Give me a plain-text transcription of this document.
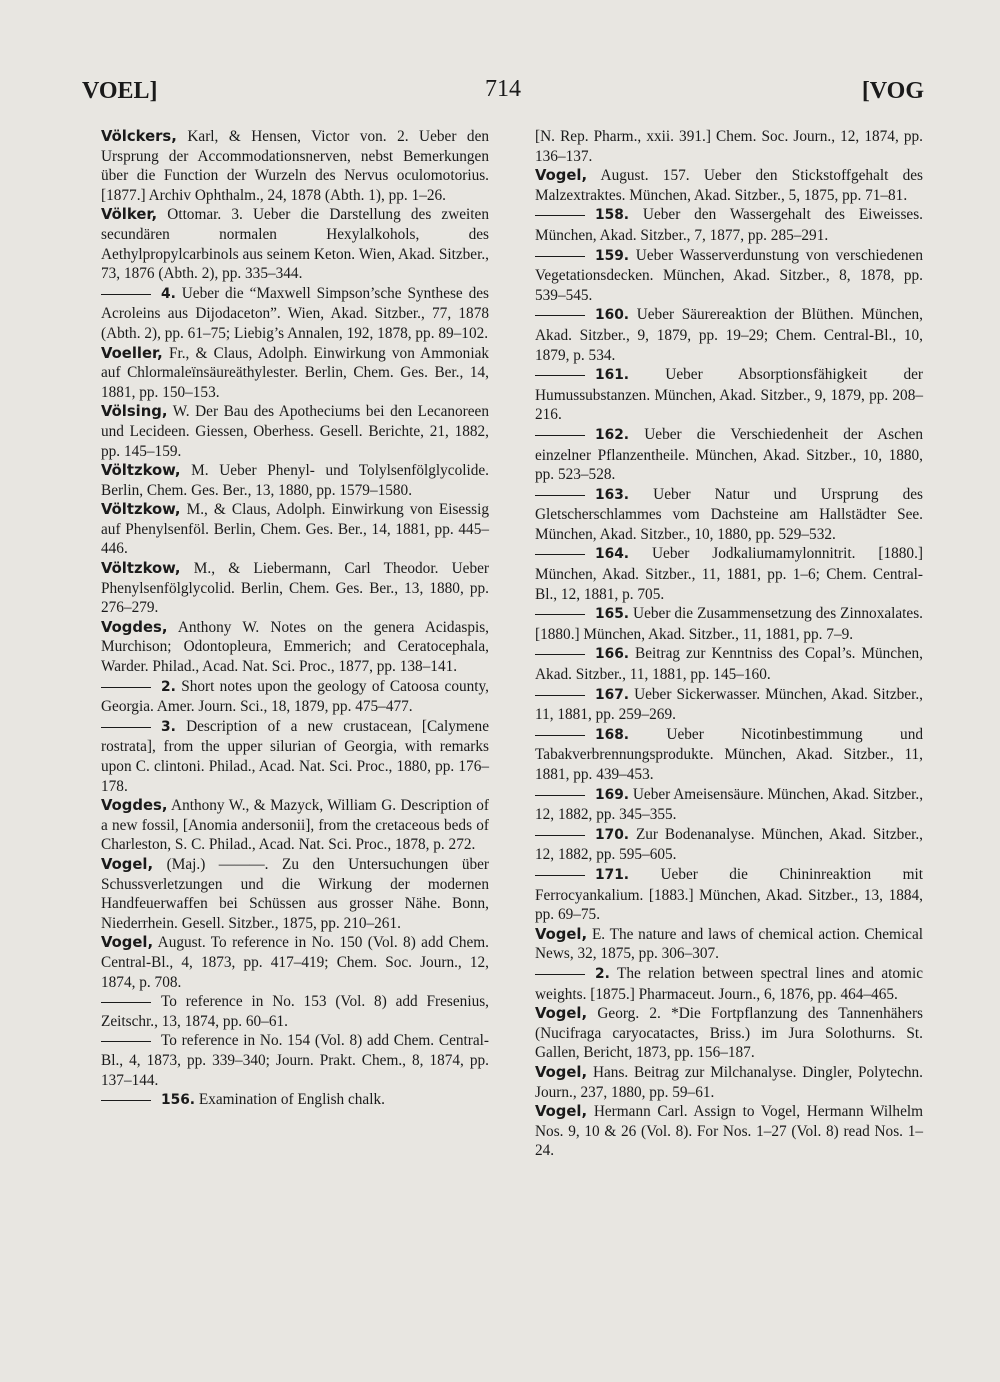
VOEL]	714	[VOG

Völckers, Karl, & Hensen, Victor von. 2. Ueber den Ursprung der Accommodationsnerven, nebst Bemerkungen über die Function der Wurzeln des Nervus oculomotorius. [1877.] Archiv Ophthalm., 24, 1878 (Abth. 1), pp. 1–26.

Völker, Ottomar. 3. Ueber die Darstellung des zweiten secundären normalen Hexylalkohols, des Aethylpropylcarbinols aus seinem Keton. Wien, Akad. Sitzber., 73, 1876 (Abth. 2), pp. 335–344.

4. Ueber die “Maxwell Simpson’sche Synthese des Acroleins aus Dijodaceton”. Wien, Akad. Sitzber., 77, 1878 (Abth. 2), pp. 61–75; Liebig’s Annalen, 192, 1878, pp. 89–102.

Voeller, Fr., & Claus, Adolph. Einwirkung von Ammoniak auf Chlormaleïnsäureäthylester. Berlin, Chem. Ges. Ber., 14, 1881, pp. 150–153.

Völsing, W. Der Bau des Apotheciums bei den Lecanoreen und Lecideen. Giessen, Oberhess. Gesell. Berichte, 21, 1882, pp. 145–159.

Völtzkow, M. Ueber Phenyl- und Tolylsenfölglycolide. Berlin, Chem. Ges. Ber., 13, 1880, pp. 1579–1580.

Völtzkow, M., & Claus, Adolph. Einwirkung von Eisessig auf Phenylsenföl. Berlin, Chem. Ges. Ber., 14, 1881, pp. 445–446.

Völtzkow, M., & Liebermann, Carl Theodor. Ueber Phenylsenfölglycolid. Berlin, Chem. Ges. Ber., 13, 1880, pp. 276–279.

Vogdes, Anthony W. Notes on the genera Acidaspis, Murchison; Odontopleura, Emmerich; and Ceratocephala, Warder. Philad., Acad. Nat. Sci. Proc., 1877, pp. 138–141.

2. Short notes upon the geology of Catoosa county, Georgia. Amer. Journ. Sci., 18, 1879, pp. 475–477.

3. Description of a new crustacean, [Calymene rostrata], from the upper silurian of Georgia, with remarks upon C. clintoni. Philad., Acad. Nat. Sci. Proc., 1880, pp. 176–178.

Vogdes, Anthony W., & Mazyck, William G. Description of a new fossil, [Anomia andersonii], from the cretaceous beds of Charleston, S. C. Philad., Acad. Nat. Sci. Proc., 1878, p. 272.

Vogel, (Maj.) ———. Zu den Untersuchungen über Schussverletzungen und die Wirkung der modernen Handfeuerwaffen bei Schüssen aus grosser Nähe. Bonn, Niederrhein. Gesell. Sitzber., 1875, pp. 210–261.

Vogel, August. To reference in No. 150 (Vol. 8) add Chem. Central-Bl., 4, 1873, pp. 417–419; Chem. Soc. Journ., 12, 1874, p. 708.

To reference in No. 153 (Vol. 8) add Fresenius, Zeitschr., 13, 1874, pp. 60–61.

To reference in No. 154 (Vol. 8) add Chem. Central-Bl., 4, 1873, pp. 339–340; Journ. Prakt. Chem., 8, 1874, pp. 137–144.

156. Examination of English chalk.

[N. Rep. Pharm., xxii. 391.] Chem. Soc. Journ., 12, 1874, pp. 136–137.

Vogel, August. 157. Ueber den Stickstoffgehalt des Malzextraktes. München, Akad. Sitzber., 5, 1875, pp. 71–81.

158. Ueber den Wassergehalt des Eiweisses. München, Akad. Sitzber., 7, 1877, pp. 285–291.

159. Ueber Wasserverdunstung von verschiedenen Vegetationsdecken. München, Akad. Sitzber., 8, 1878, pp. 539–545.

160. Ueber Säurereaktion der Blüthen. München, Akad. Sitzber., 9, 1879, pp. 19–29; Chem. Central-Bl., 10, 1879, p. 534.

161. Ueber Absorptionsfähigkeit der Humussubstanzen. München, Akad. Sitzber., 9, 1879, pp. 208–216.

162. Ueber die Verschiedenheit der Aschen einzelner Pflanzentheile. München, Akad. Sitzber., 10, 1880, pp. 523–528.

163. Ueber Natur und Ursprung des Gletscherschlammes vom Dachsteine am Hallstädter See. München, Akad. Sitzber., 10, 1880, pp. 529–532.

164. Ueber Jodkaliumamylonnitrit. [1880.] München, Akad. Sitzber., 11, 1881, pp. 1–6; Chem. Central-Bl., 12, 1881, p. 705.

165. Ueber die Zusammensetzung des Zinnoxalates. [1880.] München, Akad. Sitzber., 11, 1881, pp. 7–9.

166. Beitrag zur Kenntniss des Copal’s. München, Akad. Sitzber., 11, 1881, pp. 145–160.

167. Ueber Sickerwasser. München, Akad. Sitzber., 11, 1881, pp. 259–269.

168. Ueber Nicotinbestimmung und Tabakverbrennungsprodukte. München, Akad. Sitzber., 11, 1881, pp. 439–453.

169. Ueber Ameisensäure. München, Akad. Sitzber., 12, 1882, pp. 345–355.

170. Zur Bodenanalyse. München, Akad. Sitzber., 12, 1882, pp. 595–605.

171. Ueber die Chininreaktion mit Ferrocyankalium. [1883.] München, Akad. Sitzber., 13, 1884, pp. 69–75.

Vogel, E. The nature and laws of chemical action. Chemical News, 32, 1875, pp. 306–307.

2. The relation between spectral lines and atomic weights. [1875.] Pharmaceut. Journ., 6, 1876, pp. 464–465.

Vogel, Georg. 2. *Die Fortpflanzung des Tannenhähers (Nucifraga caryocatactes, Briss.) im Jura Solothurns. St. Gallen, Bericht, 1873, pp. 156–187.

Vogel, Hans. Beitrag zur Milchanalyse. Dingler, Polytechn. Journ., 237, 1880, pp. 59–61.

Vogel, Hermann Carl. Assign to Vogel, Hermann Wilhelm Nos. 9, 10 & 26 (Vol. 8). For Nos. 1–27 (Vol. 8) read Nos. 1–24.
